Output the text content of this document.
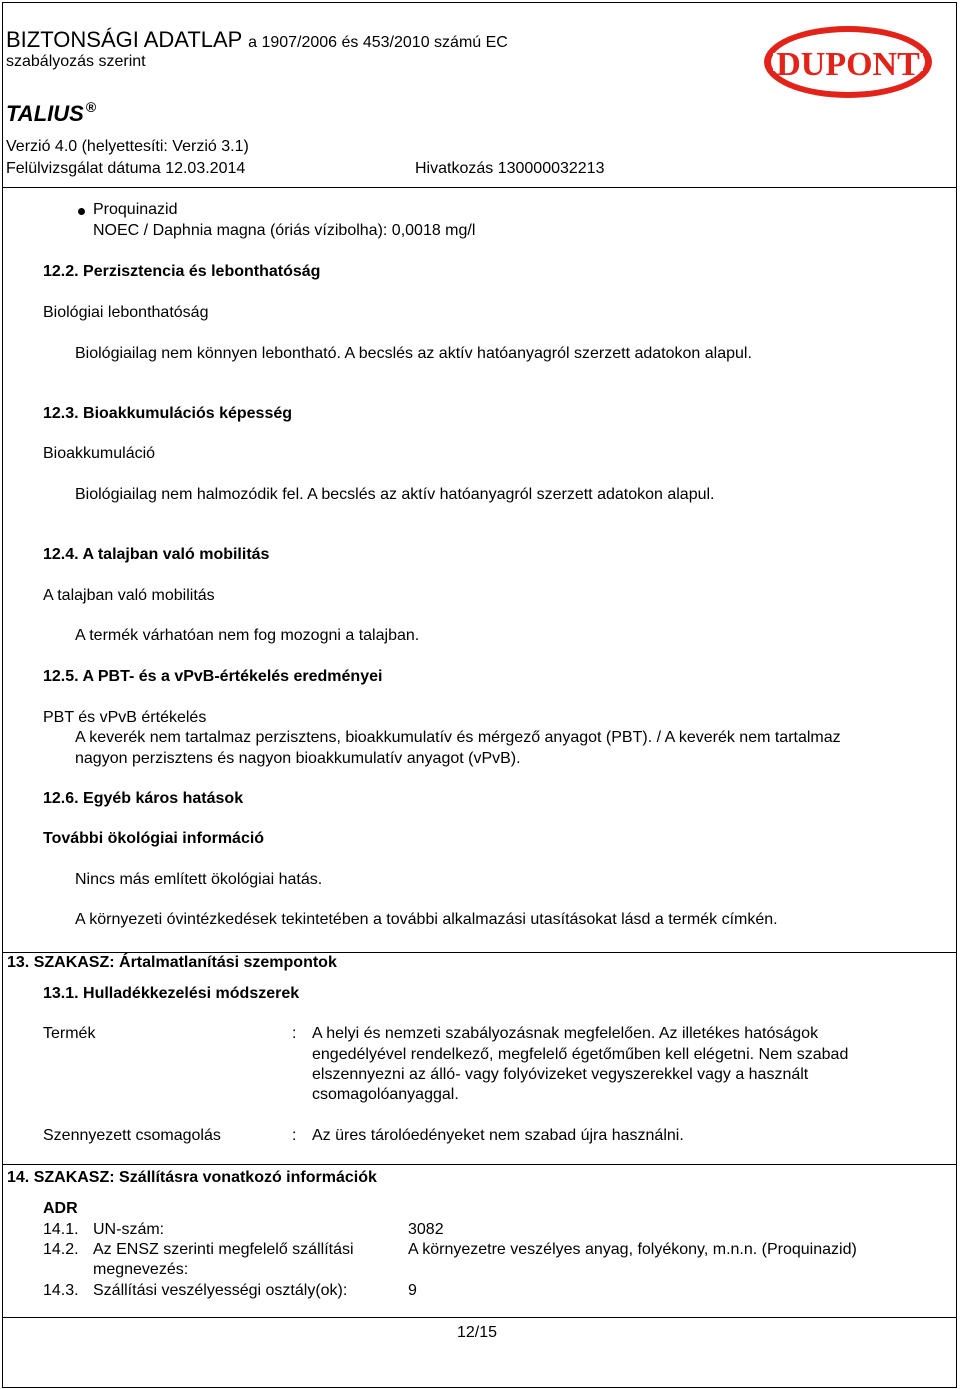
BIZTONSÁGI ADATLAP a 1907/2006 és 453/2010 számú EC
szabályozás szerint
TALIUS ®
Verzió 4.0 (helyettesíti: Verzió 3.1)
Felülvizsgálat dátuma 12.03.2014	Hivatkozás 130000032213
DUPONT
Proquinazid
NOEC / Daphnia magna (óriás vízibolha): 0,0018 mg/l
12.2. Perzisztencia és lebonthatóság
Biológiai lebonthatóság
Biológiailag nem könnyen lebontható. A becslés az aktív hatóanyagról szerzett adatokon alapul.
12.3. Bioakkumulációs képesség
Bioakkumuláció
Biológiailag nem halmozódik fel. A becslés az aktív hatóanyagról szerzett adatokon alapul.
12.4. A talajban való mobilitás
A talajban való mobilitás
A termék várhatóan nem fog mozogni a talajban.
12.5. A PBT- és a vPvB-értékelés eredményei
PBT és vPvB értékelés
A keverék nem tartalmaz perzisztens, bioakkumulatív és mérgező anyagot (PBT). / A keverék nem tartalmaz
nagyon perzisztens és nagyon bioakkumulatív anyagot (vPvB).
12.6. Egyéb káros hatások
További ökológiai információ
Nincs más említett ökológiai hatás.
A környezeti óvintézkedések tekintetében a további alkalmazási utasításokat lásd a termék címkén.
13. SZAKASZ: Ártalmatlanítási szempontok
13.1. Hulladékkezelési módszerek
Termék	: A helyi és nemzeti szabályozásnak megfelelően. Az illetékes hatóságok
engedélyével rendelkező, megfelelő égetőműben kell elégetni. Nem szabad
elszennyezni az álló- vagy folyóvizeket vegyszerekkel vagy a használt
csomagolóanyaggal.
Szennyezett csomagolás	: Az üres tárolóedényeket nem szabad újra használni.
14. SZAKASZ: Szállításra vonatkozó információk
ADR
14.1. UN-szám:	3082
14.2. Az ENSZ szerinti megfelelő szállítási
megnevezés:
A környezetre veszélyes anyag, folyékony, m.n.n. (Proquinazid)
14.3. Szállítási veszélyességi osztály(ok):	9
12/15
